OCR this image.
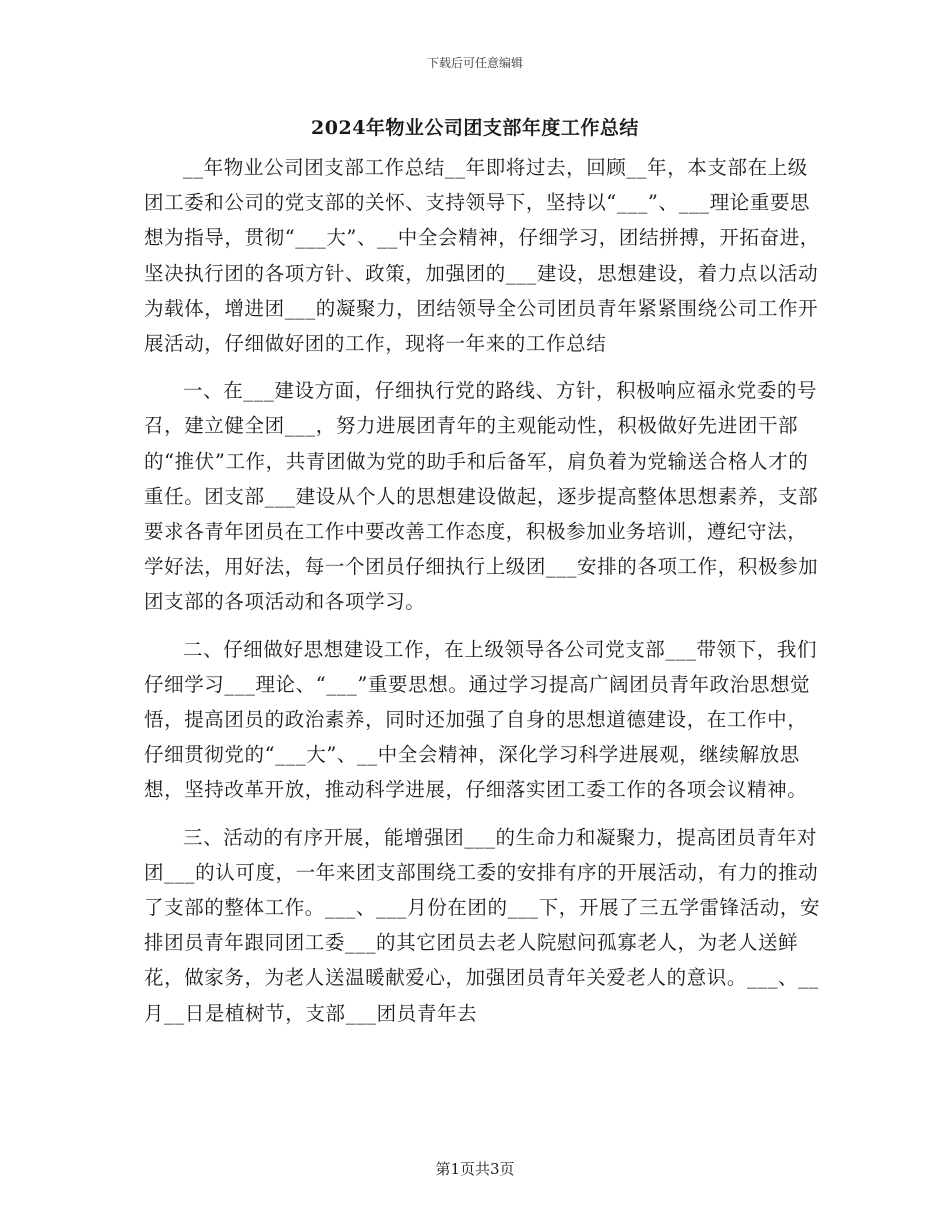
下载后可任意编辑
2024年物业公司团支部年度工作总结

__年物业公司团支部工作总结__年即将过去，回顾__年，本支部在上级团工委和公司的党支部的关怀、支持领导下，坚持以“___”、___理论重要思想为指导，贯彻“___大”、__中全会精神，仔细学习，团结拼搏，开拓奋进，坚决执行团的各项方针、政策，加强团的___建设，思想建设，着力点以活动为载体，增进团___的凝聚力，团结领导全公司团员青年紧紧围绕公司工作开展活动，仔细做好团的工作，现将一年来的工作总结

一、在___建设方面，仔细执行党的路线、方针，积极响应福永党委的号召，建立健全团___，努力进展团青年的主观能动性，积极做好先进团干部的“推伏”工作，共青团做为党的助手和后备军，肩负着为党输送合格人才的重任。团支部___建设从个人的思想建设做起，逐步提高整体思想素养，支部要求各青年团员在工作中要改善工作态度，积极参加业务培训，遵纪守法，学好法，用好法，每一个团员仔细执行上级团___安排的各项工作，积极参加团支部的各项活动和各项学习。

二、仔细做好思想建设工作，在上级领导各公司党支部___带领下，我们仔细学习___理论、“___”重要思想。通过学习提高广阔团员青年政治思想觉悟，提高团员的政治素养，同时还加强了自身的思想道德建设，在工作中，仔细贯彻党的“___大”、__中全会精神，深化学习科学进展观，继续解放思想，坚持改革开放，推动科学进展，仔细落实团工委工作的各项会议精神。

三、活动的有序开展，能增强团___的生命力和凝聚力，提高团员青年对团___的认可度，一年来团支部围绕工委的安排有序的开展活动，有力的推动了支部的整体工作。___、___月份在团的___下，开展了三五学雷锋活动，安排团员青年跟同团工委___的其它团员去老人院慰问孤寡老人，为老人送鲜花，做家务，为老人送温暖献爱心，加强团员青年关爱老人的意识。___、__月__日是植树节，支部___团员青年去

第1页共3页
